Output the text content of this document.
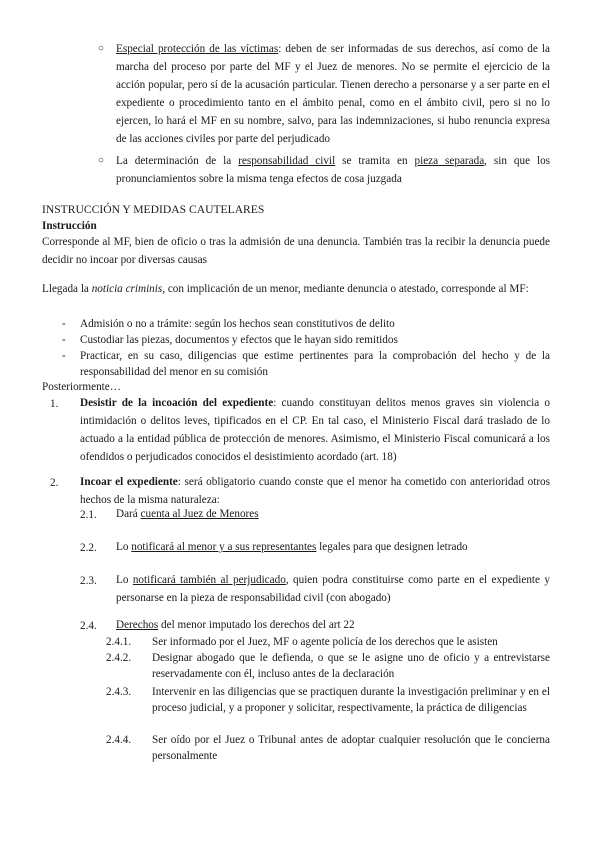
○ Especial protección de las víctimas: deben de ser informadas de sus derechos, así como de la marcha del proceso por parte del MF y el Juez de menores. No se permite el ejercicio de la acción popular, pero sí de la acusación particular. Tienen derecho a personarse y a ser parte en el expediente o procedimiento tanto en el ámbito penal, como en el ámbito civil, pero si no lo ejercen, lo hará el MF en su nombre, salvo, para las indemnizaciones, si hubo renuncia expresa de las acciones civiles por parte del perjudicado
○ La determinación de la responsabilidad civil se tramita en pieza separada, sin que los pronunciamientos sobre la misma tenga efectos de cosa juzgada
INSTRUCCIÓN Y MEDIDAS CAUTELARES
Instrucción
Corresponde al MF, bien de oficio o tras la admisión de una denuncia. También tras la recibir la denuncia puede decidir no incoar por diversas causas
Llegada la noticia criminis, con implicación de un menor, mediante denuncia o atestado, corresponde al MF:
- Admisión o no a trámite: según los hechos sean constitutivos de delito
- Custodiar las piezas, documentos y efectos que le hayan sido remitidos
- Practicar, en su caso, diligencias que estime pertinentes para la comprobación del hecho y de la responsabilidad del menor en su comisión
Posteriormente…
1. Desistir de la incoación del expediente: cuando constituyan delitos menos graves sin violencia o intimidación o delitos leves, tipificados en el CP. En tal caso, el Ministerio Fiscal dará traslado de lo actuado a la entidad pública de protección de menores. Asimismo, el Ministerio Fiscal comunicará a los ofendidos o perjudicados conocidos el desistimiento acordado (art. 18)
2. Incoar el expediente: será obligatorio cuando conste que el menor ha cometido con anterioridad otros hechos de la misma naturaleza:
2.1. Dará cuenta al Juez de Menores
2.2. Lo notificará al menor y a sus representantes legales para que designen letrado
2.3. Lo notificará también al perjudicado, quien podra constituirse como parte en el expediente y personarse en la pieza de responsabilidad civil (con abogado)
2.4. Derechos del menor imputado los derechos del art 22
2.4.1. Ser informado por el Juez, MF o agente policía de los derechos que le asisten
2.4.2. Designar abogado que le defienda, o que se le asigne uno de oficio y a entrevistarse reservadamente con él, incluso antes de la declaración
2.4.3. Intervenir en las diligencias que se practiquen durante la investigación preliminar y en el proceso judicial, y a proponer y solicitar, respectivamente, la práctica de diligencias
2.4.4. Ser oído por el Juez o Tribunal antes de adoptar cualquier resolución que le concierna personalmente
